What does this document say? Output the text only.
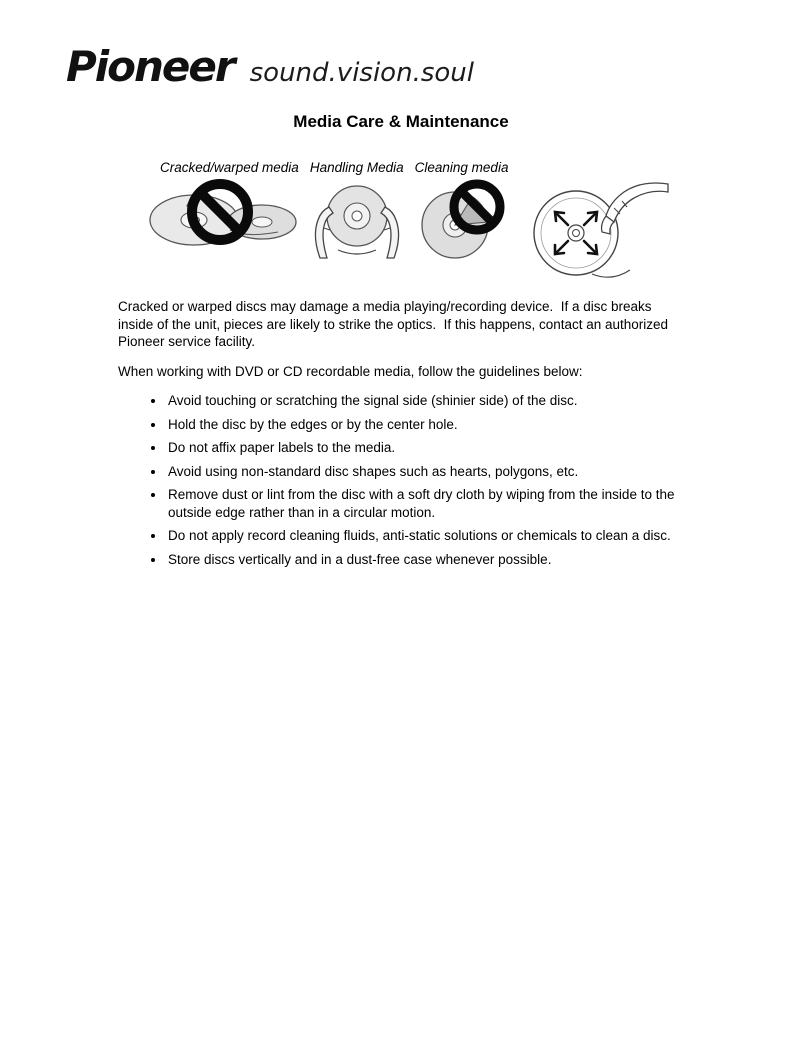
Pioneer sound.vision.soul
Media Care & Maintenance
Cracked/warped media Handling Media Cleaning media

Cracked or warped discs may damage a media playing/recording device.  If a disc breaks inside of the unit, pieces are likely to strike the optics.  If this happens, contact an authorized Pioneer service facility.

When working with DVD or CD recordable media, follow the guidelines below:

• Avoid touching or scratching the signal side (shinier side) of the disc.
• Hold the disc by the edges or by the center hole.
• Do not affix paper labels to the media.
• Avoid using non-standard disc shapes such as hearts, polygons, etc.
• Remove dust or lint from the disc with a soft dry cloth by wiping from the inside to the outside edge rather than in a circular motion.
• Do not apply record cleaning fluids, anti-static solutions or chemicals to clean a disc.
• Store discs vertically and in a dust-free case whenever possible.
